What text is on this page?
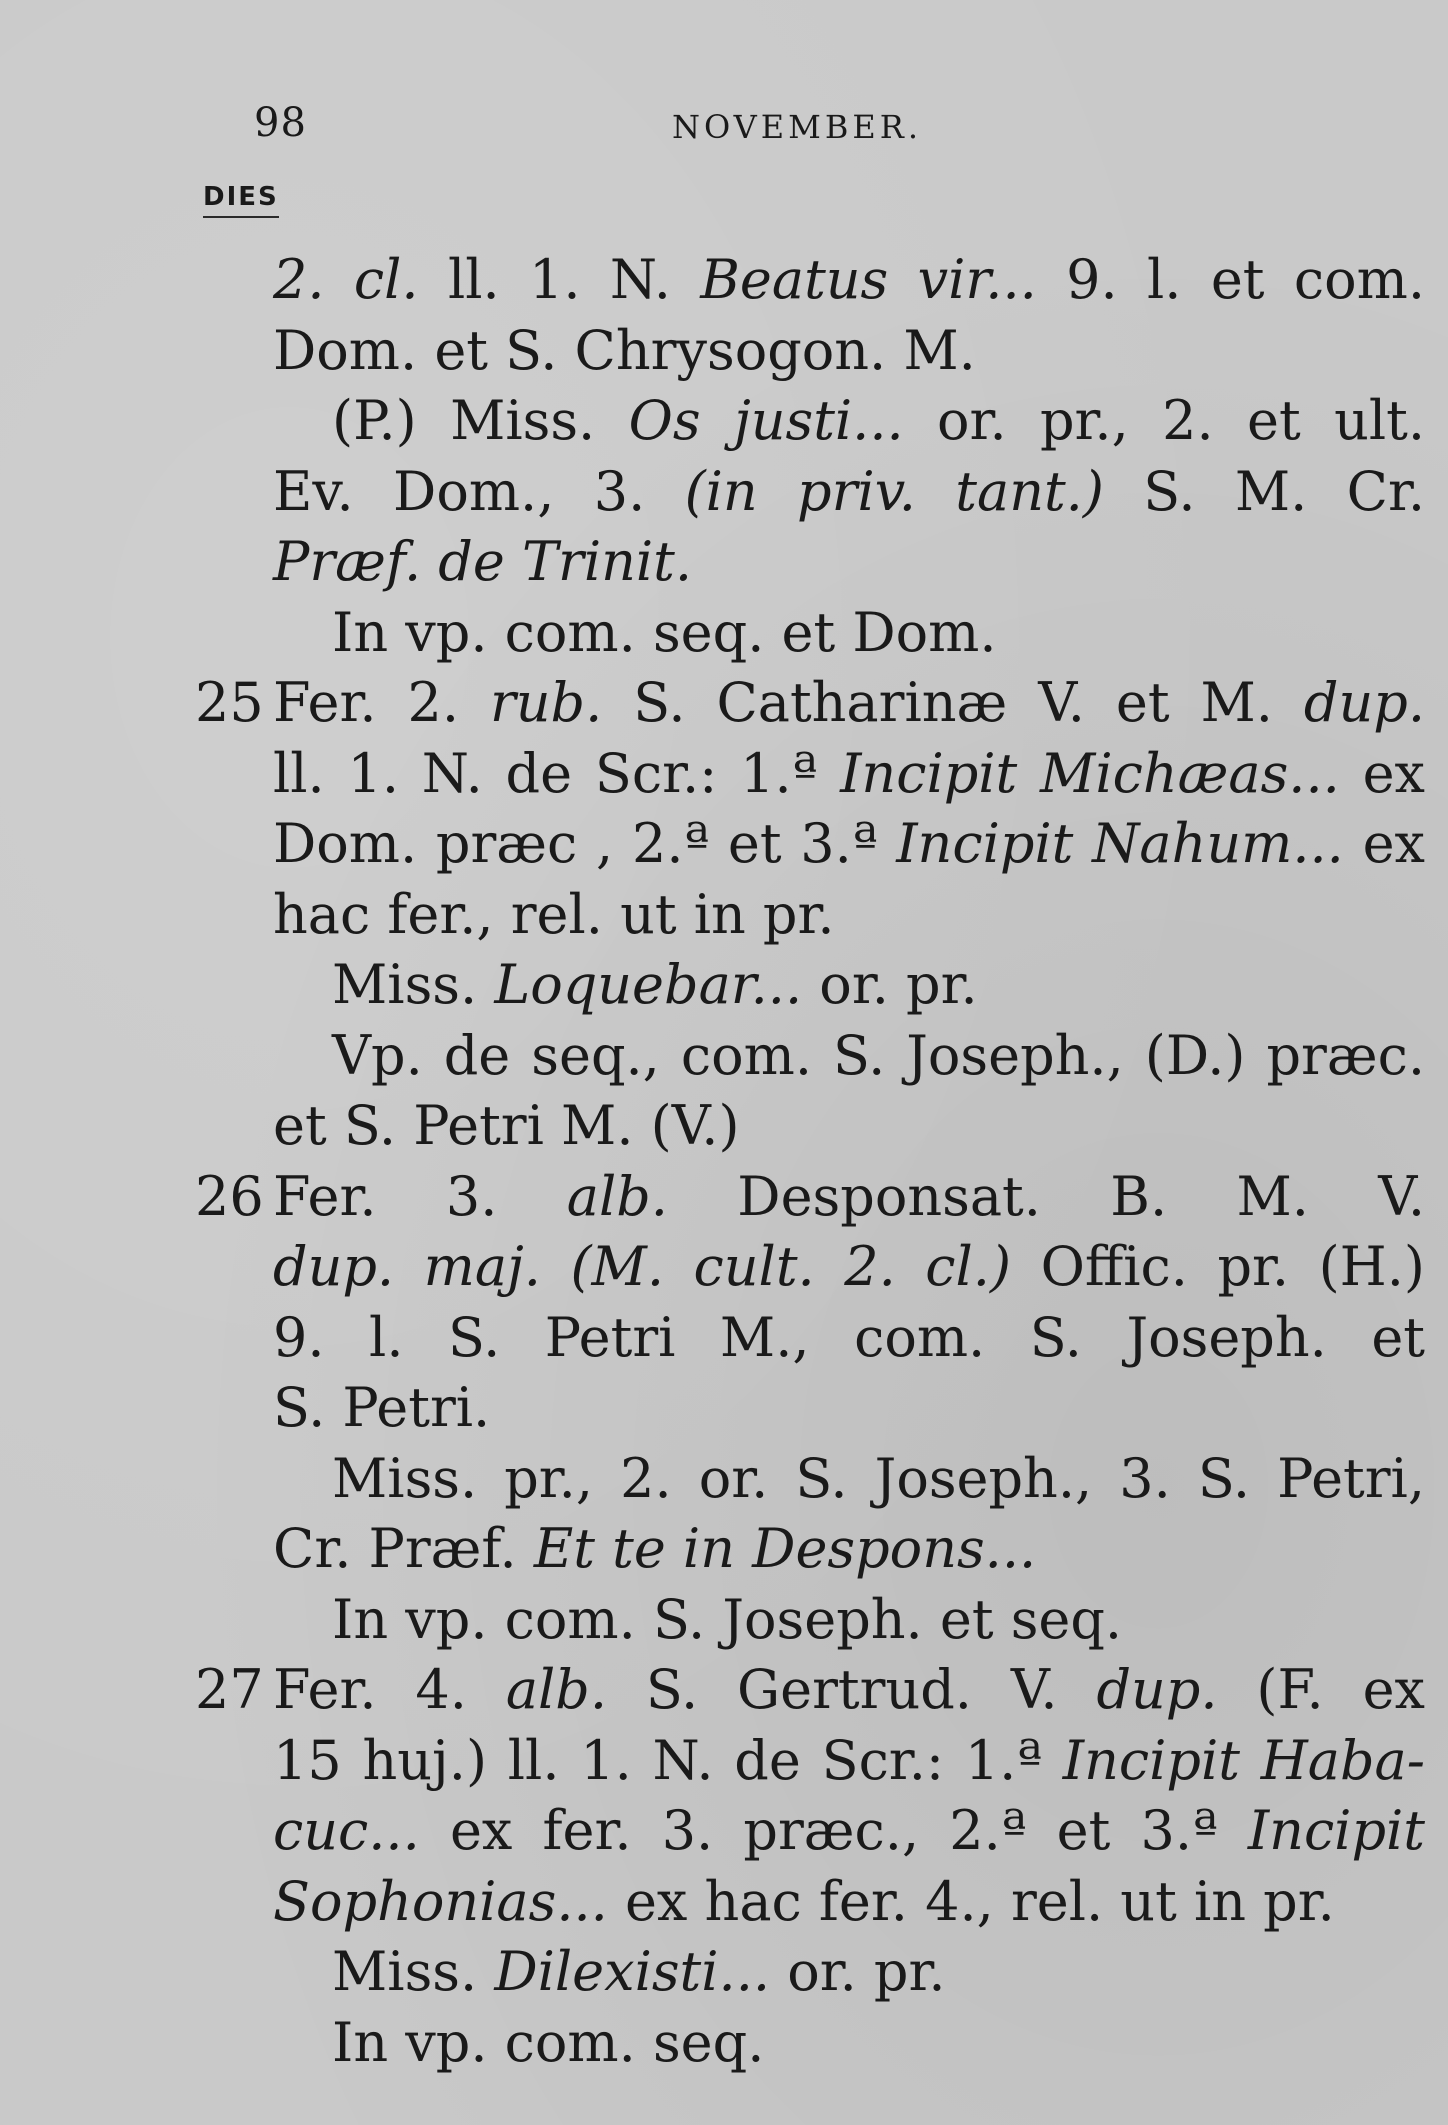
98	NOVEMBER.
DIES
2. cl. ll. 1. N. Beatus vir... 9. l. et com.
Dom. et S. Chrysogon. M.
(P.) Miss. Os justi... or. pr., 2. et ult.
Ev. Dom., 3. (in priv. tant.) S. M. Cr.
Præf. de Trinit.
In vp. com. seq. et Dom.
25 Fer. 2. rub. S. Catharinæ V. et M. dup.
ll. 1. N. de Scr.: 1.ª Incipit Michæas... ex
Dom. præc , 2.ª et 3.ª Incipit Nahum... ex
hac fer., rel. ut in pr.
Miss. Loquebar... or. pr.
Vp. de seq., com. S. Joseph., (D.) præc.
et S. Petri M. (V.)
26 Fer. 3. alb. Desponsat. B. M. V.
dup. maj. (M. cult. 2. cl.) Offic. pr. (H.)
9. l. S. Petri M., com. S. Joseph. et
S. Petri.
Miss. pr., 2. or. S. Joseph., 3. S. Petri,
Cr. Præf. Et te in Despons...
In vp. com. S. Joseph. et seq.
27 Fer. 4. alb. S. Gertrud. V. dup. (F. ex
15 huj.) ll. 1. N. de Scr.: 1.ª Incipit Haba-
cuc... ex fer. 3. præc., 2.ª et 3.ª Incipit
Sophonias... ex hac fer. 4., rel. ut in pr.
Miss. Dilexisti... or. pr.
In vp. com. seq.
